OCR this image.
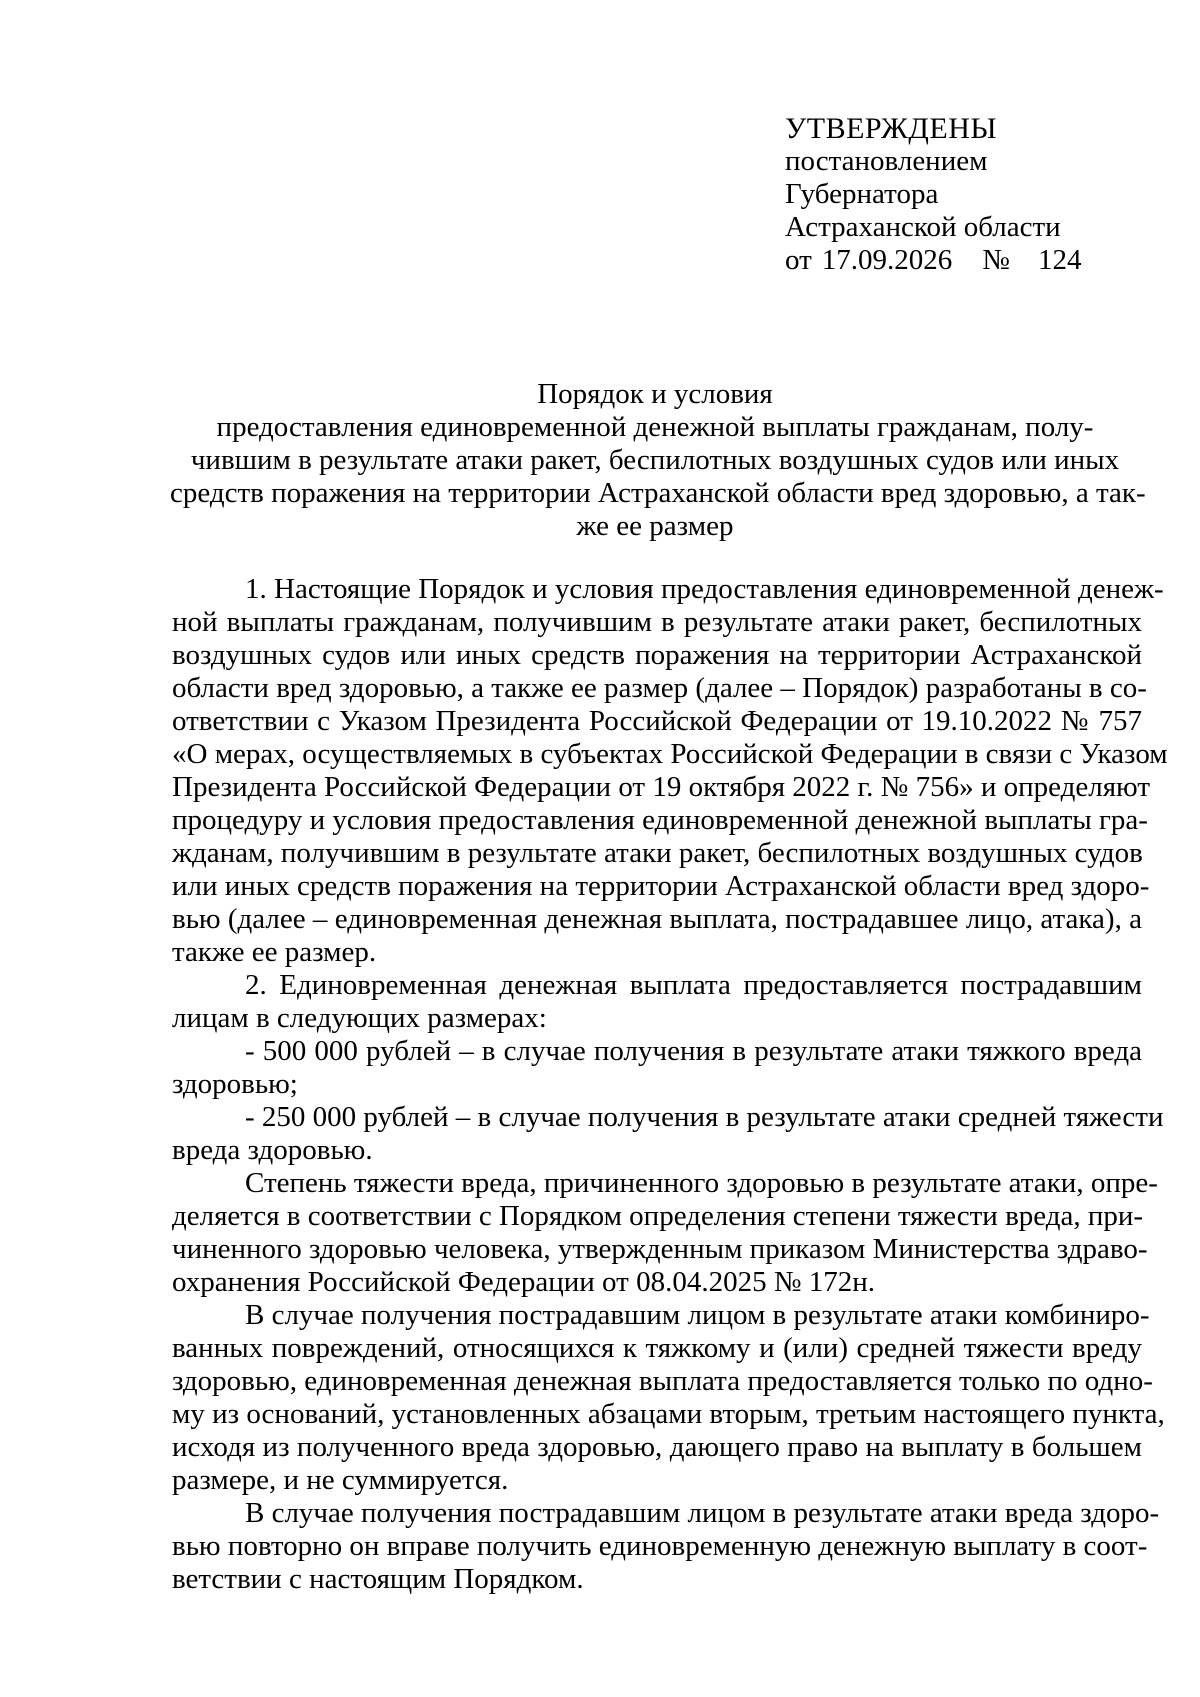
УТВЕРЖДЕНЫ
постановлением
Губернатора
Астраханской области
от 17.09.2026 № 124
Порядок и условия
предоставления единовременной денежной выплаты гражданам, полу-
чившим в результате атаки ракет, беспилотных воздушных судов или иных
средств поражения на территории Астраханской области вред здоровью, а так-
же ее размер
1. Настоящие Порядок и условия предоставления единовременной денеж-
ной выплаты гражданам, получившим в результате атаки ракет, беспилотных
воздушных судов или иных средств поражения на территории Астраханской
области вред здоровью, а также ее размер (далее – Порядок) разработаны в со-
ответствии с Указом Президента Российской Федерации от 19.10.2022 № 757
«О мерах, осуществляемых в субъектах Российской Федерации в связи с Указом
Президента Российской Федерации от 19 октября 2022 г. № 756» и определяют
процедуру и условия предоставления единовременной денежной выплаты гра-
жданам, получившим в результате атаки ракет, беспилотных воздушных судов
или иных средств поражения на территории Астраханской области вред здоро-
вью (далее – единовременная денежная выплата, пострадавшее лицо, атака), а
также ее размер.
2. Единовременная денежная выплата предоставляется пострадавшим
лицам в следующих размерах:
- 500 000 рублей – в случае получения в результате атаки тяжкого вреда
здоровью;
- 250 000 рублей – в случае получения в результате атаки средней тяжести
вреда здоровью.
Степень тяжести вреда, причиненного здоровью в результате атаки, опре-
деляется в соответствии с Порядком определения степени тяжести вреда, при-
чиненного здоровью человека, утвержденным приказом Министерства здраво-
охранения Российской Федерации от 08.04.2025 № 172н.
В случае получения пострадавшим лицом в результате атаки комбиниро-
ванных повреждений, относящихся к тяжкому и (или) средней тяжести вреду
здоровью, единовременная денежная выплата предоставляется только по одно-
му из оснований, установленных абзацами вторым, третьим настоящего пункта,
исходя из полученного вреда здоровью, дающего право на выплату в большем
размере, и не суммируется.
В случае получения пострадавшим лицом в результате атаки вреда здоро-
вью повторно он вправе получить единовременную денежную выплату в соот-
ветствии с настоящим Порядком.
